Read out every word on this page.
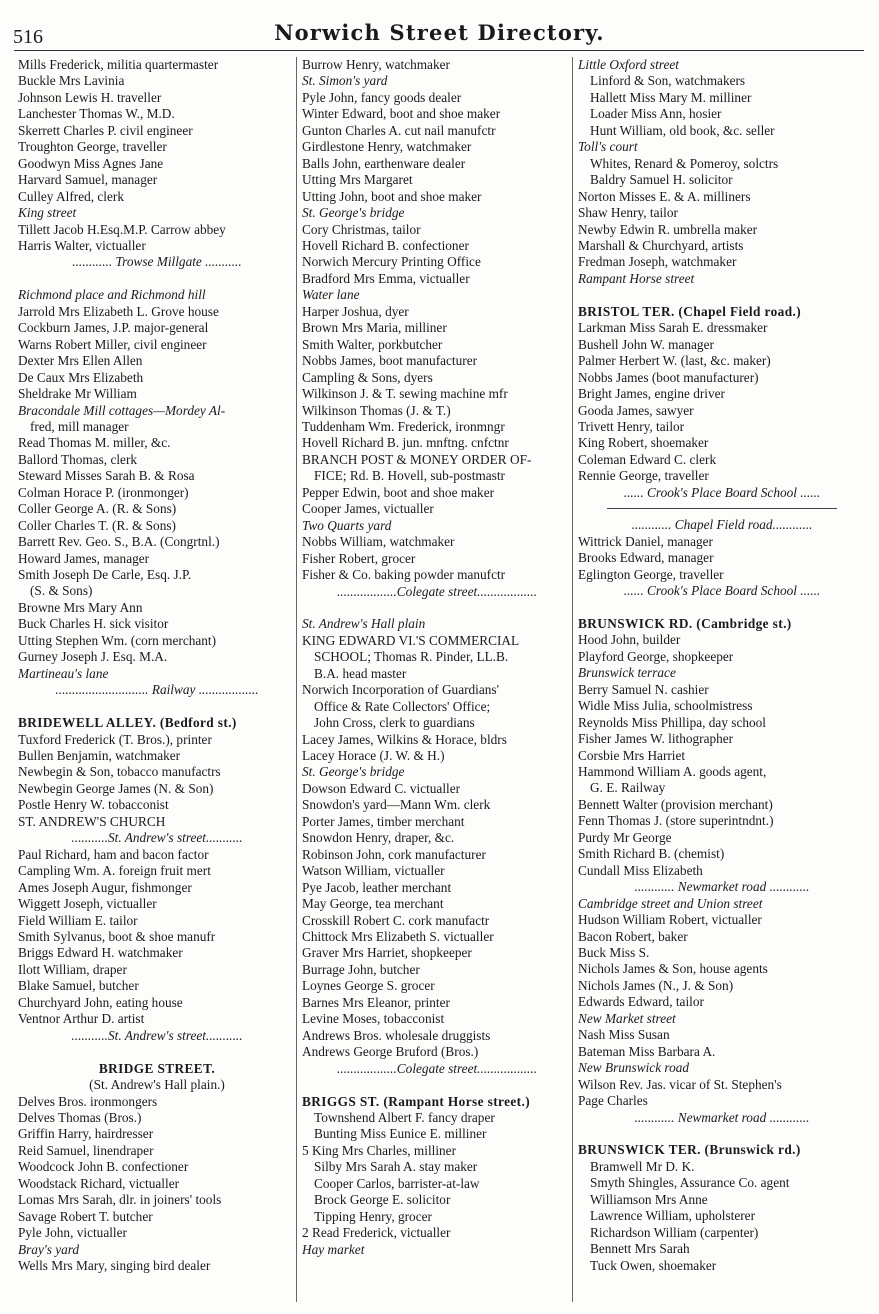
516	Norwich Street Directory.
Mills Frederick, militia quartermaster
Buckle Mrs Lavinia
Johnson Lewis H. traveller
Lanchester Thomas W., M.D.
Skerrett Charles P. civil engineer
Troughton George, traveller
Goodwyn Miss Agnes Jane
Harvard Samuel, manager
Culley Alfred, clerk
King street
Tillett Jacob H.Esq.M.P. Carrow abbey
Harris Walter, victualler
............ Trowse Millgate ...........
Richmond place and Richmond hill
Jarrold Mrs Elizabeth L. Grove house
Cockburn James, J.P. major-general
Warns Robert Miller, civil engineer
Dexter Mrs Ellen Allen
De Caux Mrs Elizabeth
Sheldrake Mr William
Bracondale Mill cottages—Mordey Al-
fred, mill manager
Read Thomas M. miller, &c.
Ballord Thomas, clerk
Steward Misses Sarah B. & Rosa
Colman Horace P. (ironmonger)
Coller George A. (R. & Sons)
Coller Charles T. (R. & Sons)
Barrett Rev. Geo. S., B.A. (Congrtnl.)
Howard James, manager
Smith Joseph De Carle, Esq. J.P.
(S. & Sons)
Browne Mrs Mary Ann
Buck Charles H. sick visitor
Utting Stephen Wm. (corn merchant)
Gurney Joseph J. Esq. M.A.
Martineau's lane
............................ Railway ..................
BRIDEWELL ALLEY. (Bedford st.)
Tuxford Frederick (T. Bros.), printer
Bullen Benjamin, watchmaker
Newbegin & Son, tobacco manufactrs
Newbegin George James (N. & Son)
Postle Henry W. tobacconist
ST. ANDREW'S CHURCH
...........St. Andrew's street...........
Paul Richard, ham and bacon factor
Campling Wm. A. foreign fruit mert
Ames Joseph Augur, fishmonger
Wiggett Joseph, victualler
Field William E. tailor
Smith Sylvanus, boot & shoe manufr
Briggs Edward H. watchmaker
Ilott William, draper
Blake Samuel, butcher
Churchyard John, eating house
Ventnor Arthur D. artist
...........St. Andrew's street...........
BRIDGE STREET.
(St. Andrew's Hall plain.)
Delves Bros. ironmongers
Delves Thomas (Bros.)
Griffin Harry, hairdresser
Reid Samuel, linendraper
Woodcock John B. confectioner
Woodstack Richard, victualler
Lomas Mrs Sarah, dlr. in joiners' tools
Savage Robert T. butcher
Pyle John, victualler
Bray's yard
Wells Mrs Mary, singing bird dealer
Burrow Henry, watchmaker
St. Simon's yard
Pyle John, fancy goods dealer
Winter Edward, boot and shoe maker
Gunton Charles A. cut nail manufctr
Girdlestone Henry, watchmaker
Balls John, earthenware dealer
Utting Mrs Margaret
Utting John, boot and shoe maker
St. George's bridge
Cory Christmas, tailor
Hovell Richard B. confectioner
Norwich Mercury Printing Office
Bradford Mrs Emma, victualler
Water lane
Harper Joshua, dyer
Brown Mrs Maria, milliner
Smith Walter, porkbutcher
Nobbs James, boot manufacturer
Campling & Sons, dyers
Wilkinson J. & T. sewing machine mfr
Wilkinson Thomas (J. & T.)
Tuddenham Wm. Frederick, ironmngr
Hovell Richard B. jun. mnftng. cnfctnr
BRANCH POST & MONEY ORDER OF-
FICE; Rd. B. Hovell, sub-postmastr
Pepper Edwin, boot and shoe maker
Cooper James, victualler
Two Quarts yard
Nobbs William, watchmaker
Fisher Robert, grocer
Fisher & Co. baking powder manufctr
..................Colegate street..................
St. Andrew's Hall plain
KING EDWARD VI.'S COMMERCIAL
SCHOOL; Thomas R. Pinder, LL.B.
B.A. head master
Norwich Incorporation of Guardians'
Office & Rate Collectors' Office;
John Cross, clerk to guardians
Lacey James, Wilkins & Horace, bldrs
Lacey Horace (J. W. & H.)
St. George's bridge
Dowson Edward C. victualler
Snowdon's yard—Mann Wm. clerk
Porter James, timber merchant
Snowdon Henry, draper, &c.
Robinson John, cork manufacturer
Watson William, victualler
Pye Jacob, leather merchant
May George, tea merchant
Crosskill Robert C. cork manufactr
Chittock Mrs Elizabeth S. victualler
Graver Mrs Harriet, shopkeeper
Burrage John, butcher
Loynes George S. grocer
Barnes Mrs Eleanor, printer
Levine Moses, tobacconist
Andrews Bros. wholesale druggists
Andrews George Bruford (Bros.)
..................Colegate street..................
BRIGGS ST. (Rampant Horse street.)
Townshend Albert F. fancy draper
Bunting Miss Eunice E. milliner
5 King Mrs Charles, milliner
Silby Mrs Sarah A. stay maker
Cooper Carlos, barrister-at-law
Brock George E. solicitor
Tipping Henry, grocer
2 Read Frederick, victualler
Hay market
Little Oxford street
Linford & Son, watchmakers
Hallett Miss Mary M. milliner
Loader Miss Ann, hosier
Hunt William, old book, &c. seller
Toll's court
Whites, Renard & Pomeroy, solctrs
Baldry Samuel H. solicitor
Norton Misses E. & A. milliners
Shaw Henry, tailor
Newby Edwin R. umbrella maker
Marshall & Churchyard, artists
Fredman Joseph, watchmaker
Rampant Horse street
BRISTOL TER. (Chapel Field road.)
Larkman Miss Sarah E. dressmaker
Bushell John W. manager
Palmer Herbert W. (last, &c. maker)
Nobbs James (boot manufacturer)
Bright James, engine driver
Gooda James, sawyer
Trivett Henry, tailor
King Robert, shoemaker
Coleman Edward C. clerk
Rennie George, traveller
...... Crook's Place Board School ......
............ Chapel Field road............
Wittrick Daniel, manager
Brooks Edward, manager
Eglington George, traveller
...... Crook's Place Board School ......
BRUNSWICK RD. (Cambridge st.)
Hood John, builder
Playford George, shopkeeper
Brunswick terrace
Berry Samuel N. cashier
Widle Miss Julia, schoolmistress
Reynolds Miss Phillipa, day school
Fisher James W. lithographer
Corsbie Mrs Harriet
Hammond William A. goods agent,
G. E. Railway
Bennett Walter (provision merchant)
Fenn Thomas J. (store superintndnt.)
Purdy Mr George
Smith Richard B. (chemist)
Cundall Miss Elizabeth
............ Newmarket road ............
Cambridge street and Union street
Hudson William Robert, victualler
Bacon Robert, baker
Buck Miss S.
Nichols James & Son, house agents
Nichols James (N., J. & Son)
Edwards Edward, tailor
New Market street
Nash Miss Susan
Bateman Miss Barbara A.
New Brunswick road
Wilson Rev. Jas. vicar of St. Stephen's
Page Charles
............ Newmarket road ............
BRUNSWICK TER. (Brunswick rd.)
Bramwell Mr D. K.
Smyth Shingles, Assurance Co. agent
Williamson Mrs Anne
Lawrence William, upholsterer
Richardson William (carpenter)
Bennett Mrs Sarah
Tuck Owen, shoemaker
